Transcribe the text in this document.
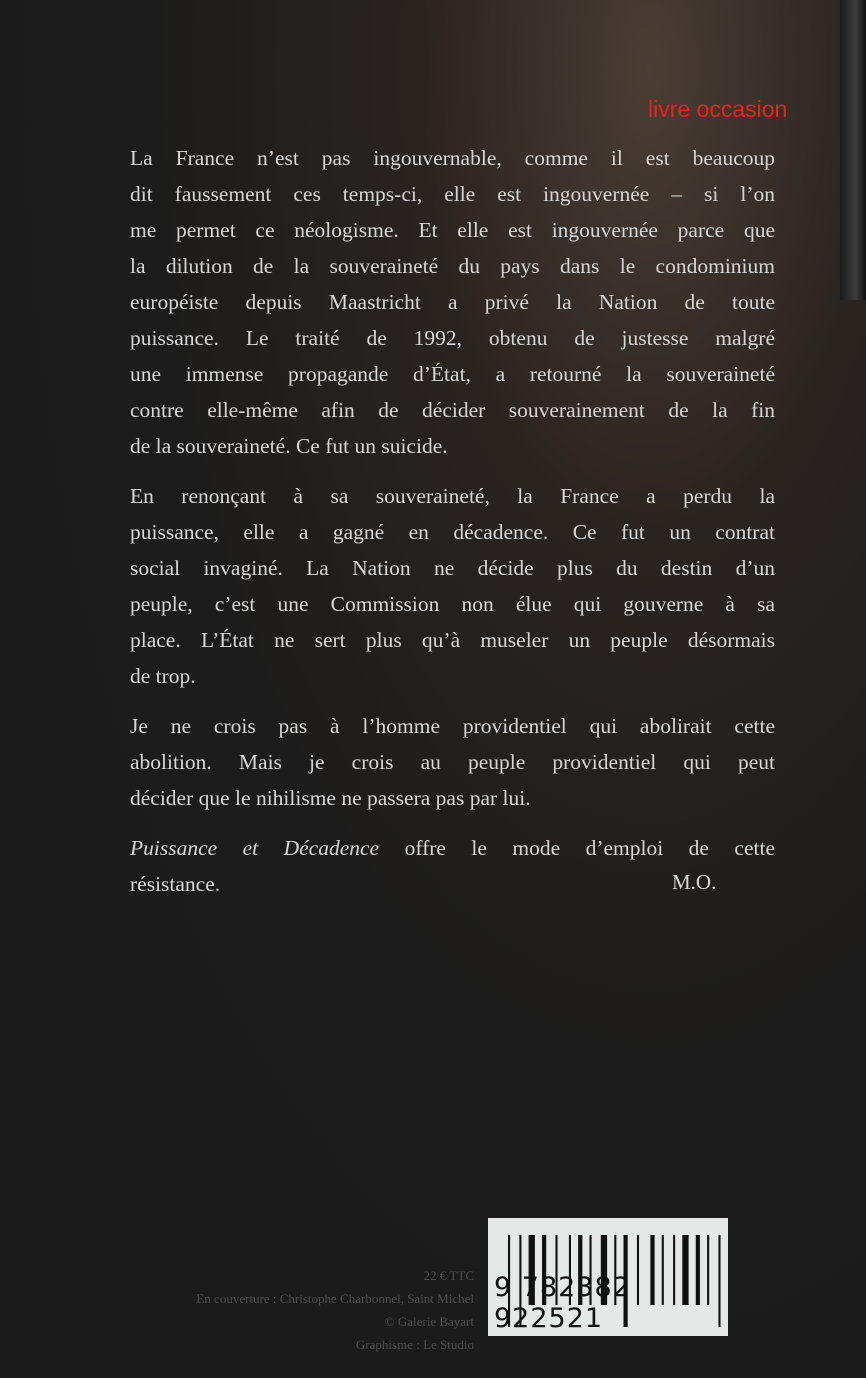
livre occasion
La France n’est pas ingouvernable, comme il est beaucoup
dit faussement ces temps-ci, elle est ingouvernée – si l’on
me permet ce néologisme. Et elle est ingouvernée parce que
la dilution de la souveraineté du pays dans le condominium
européiste depuis Maastricht a privé la Nation de toute
puissance. Le traité de 1992, obtenu de justesse malgré
une immense propagande d’État, a retourné la souveraineté
contre elle-même afin de décider souverainement de la fin
de la souveraineté. Ce fut un suicide.
En renonçant à sa souveraineté, la France a perdu la
puissance, elle a gagné en décadence. Ce fut un contrat
social invaginé. La Nation ne décide plus du destin d’un
peuple, c’est une Commission non élue qui gouverne à sa
place. L’État ne sert plus qu’à museler un peuple désormais
de trop.
Je ne crois pas à l’homme providentiel qui abolirait cette
abolition. Mais je crois au peuple providentiel qui peut
décider que le nihilisme ne passera pas par lui.
Puissance et Décadence offre le mode d’emploi de cette
résistance.	M.O.
22 € TTC
En couverture : Christophe Charbonnel, Saint Michel
© Galerie Bayart
Graphisme : Le Studio
9 782382 922521
